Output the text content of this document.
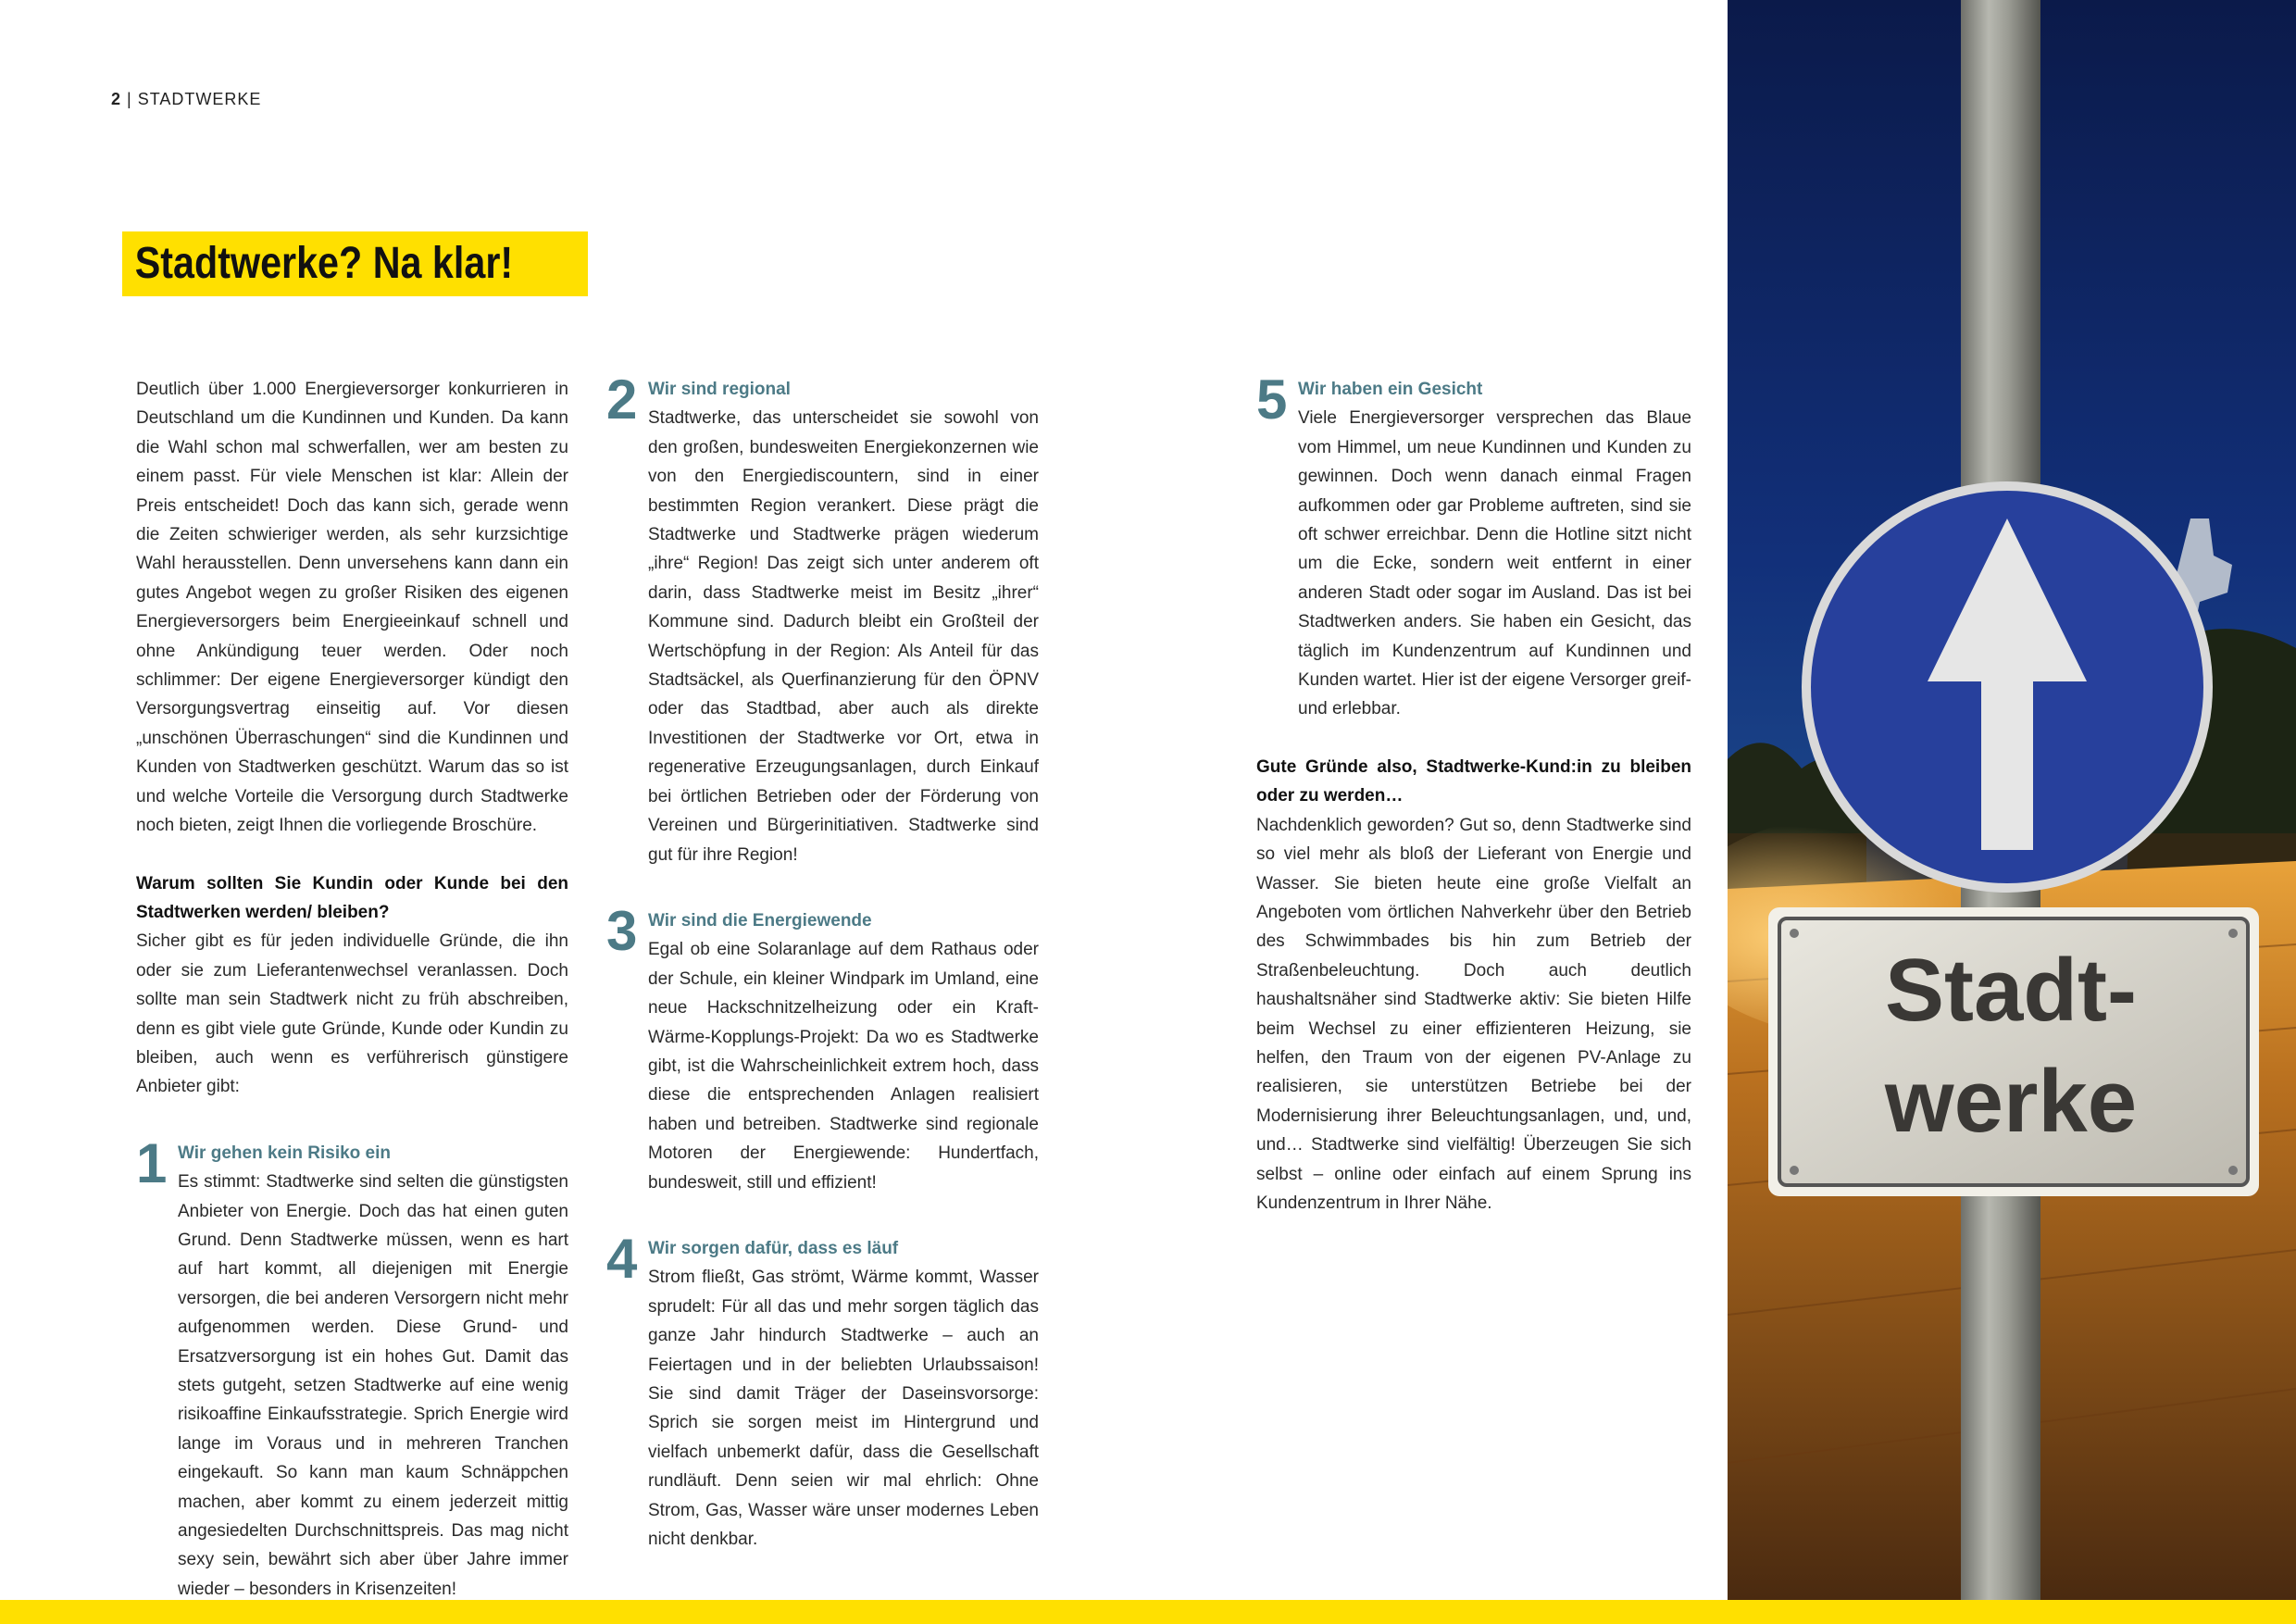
2 | STADTWERKE
Stadtwerke? Na klar!

Deutlich über 1.000 Energieversorger konkurrieren in Deutschland um die Kundinnen und Kunden. Da kann die Wahl schon mal schwerfallen, wer am besten zu einem passt. Für viele Menschen ist klar: Allein der Preis entscheidet! Doch das kann sich, gerade wenn die Zeiten schwieriger werden, als sehr kurzsichtige Wahl herausstellen. Denn unversehens kann dann ein gutes Angebot wegen zu großer Risiken des eigenen Energieversorgers beim Energieeinkauf schnell und ohne Ankündigung teuer werden. Oder noch schlimmer: Der eigene Energieversorger kündigt den Versorgungsvertrag einseitig auf. Vor diesen „unschönen Überraschungen“ sind die Kundinnen und Kunden von Stadtwerken geschützt. Warum das so ist und welche Vorteile die Versorgung durch Stadtwerke noch bieten, zeigt Ihnen die vorliegende Broschüre.

Warum sollten Sie Kundin oder Kunde bei den Stadtwerken werden/ bleiben?

Sicher gibt es für jeden individuelle Gründe, die ihn oder sie zum Lieferantenwechsel veranlassen. Doch sollte man sein Stadtwerk nicht zu früh abschreiben, denn es gibt viele gute Gründe, Kunde oder Kundin zu bleiben, auch wenn es verführerisch günstigere Anbieter gibt:

1 Wir gehen kein Risiko ein
Es stimmt: Stadtwerke sind selten die günstigsten Anbieter von Energie. Doch das hat einen guten Grund. Denn Stadtwerke müssen, wenn es hart auf hart kommt, all diejenigen mit Energie versorgen, die bei anderen Versorgern nicht mehr aufgenommen werden. Diese Grund- und Ersatzversorgung ist ein hohes Gut. Damit das stets gutgeht, setzen Stadtwerke auf eine wenig risikoaffine Einkaufsstrategie. Sprich Energie wird lange im Voraus und in mehreren Tranchen eingekauft. So kann man kaum Schnäppchen machen, aber kommt zu einem jederzeit mittig angesiedelten Durchschnittspreis. Das mag nicht sexy sein, bewährt sich aber über Jahre immer wieder – besonders in Krisenzeiten!
2 Wir sind regional
Stadtwerke, das unterscheidet sie sowohl von den großen, bundesweiten Energiekonzernen wie von den Energiediscountern, sind in einer bestimmten Region verankert. Diese prägt die Stadtwerke und Stadtwerke prägen wiederum „ihre“ Region! Das zeigt sich unter anderem oft darin, dass Stadtwerke meist im Besitz „ihrer“ Kommune sind. Dadurch bleibt ein Großteil der Wertschöpfung in der Region: Als Anteil für das Stadtsäckel, als Querfinanzierung für den ÖPNV oder das Stadtbad, aber auch als direkte Investitionen der Stadtwerke vor Ort, etwa in regenerative Erzeugungsanlagen, durch Einkauf bei örtlichen Betrieben oder der Förderung von Vereinen und Bürgerinitiativen. Stadtwerke sind gut für ihre Region!
3 Wir sind die Energiewende
Egal ob eine Solaranlage auf dem Rathaus oder der Schule, ein kleiner Windpark im Umland, eine neue Hackschnitzelheizung oder ein Kraft-Wärme-Kopplungs-Projekt: Da wo es Stadtwerke gibt, ist die Wahrscheinlichkeit extrem hoch, dass diese die entsprechenden Anlagen realisiert haben und betreiben. Stadtwerke sind regionale Motoren der Energiewende: Hundertfach, bundesweit, still und effizient!
4 Wir sorgen dafür, dass es läuf
Strom fließt, Gas strömt, Wärme kommt, Wasser sprudelt: Für all das und mehr sorgen täglich das ganze Jahr hindurch Stadtwerke – auch an Feiertagen und in der beliebten Urlaubssaison! Sie sind damit Träger der Daseinsvorsorge: Sprich sie sorgen meist im Hintergrund und vielfach unbemerkt dafür, dass die Gesellschaft rundläuft. Denn seien wir mal ehrlich: Ohne Strom, Gas, Wasser wäre unser modernes Leben nicht denkbar.
5 Wir haben ein Gesicht
Viele Energieversorger versprechen das Blaue vom Himmel, um neue Kundinnen und Kunden zu gewinnen. Doch wenn danach einmal Fragen aufkommen oder gar Probleme auftreten, sind sie oft schwer erreichbar. Denn die Hotline sitzt nicht um die Ecke, sondern weit entfernt in einer anderen Stadt oder sogar im Ausland. Das ist bei Stadtwerken anders. Sie haben ein Gesicht, das täglich im Kundenzentrum auf Kundinnen und Kunden wartet. Hier ist der eigene Versorger greif- und erlebbar.

Gute Gründe also, Stadtwerke-Kund:in zu bleiben oder zu werden…

Nachdenklich geworden? Gut so, denn Stadtwerke sind so viel mehr als bloß der Lieferant von Energie und Wasser. Sie bieten heute eine große Vielfalt an Angeboten vom örtlichen Nahverkehr über den Betrieb des Schwimmbades bis hin zum Betrieb der Straßenbeleuchtung. Doch auch deutlich haushaltsnäher sind Stadtwerke aktiv: Sie bieten Hilfe beim Wechsel zu einer effizienteren Heizung, sie helfen, den Traum von der eigenen PV-Anlage zu realisieren, sie unterstützen Betriebe bei der Modernisierung ihrer Beleuchtungsanlagen, und, und, und… Stadtwerke sind vielfältig! Überzeugen Sie sich selbst – online oder einfach auf einem Sprung ins Kundenzentrum in Ihrer Nähe.

Stadt-
werke
